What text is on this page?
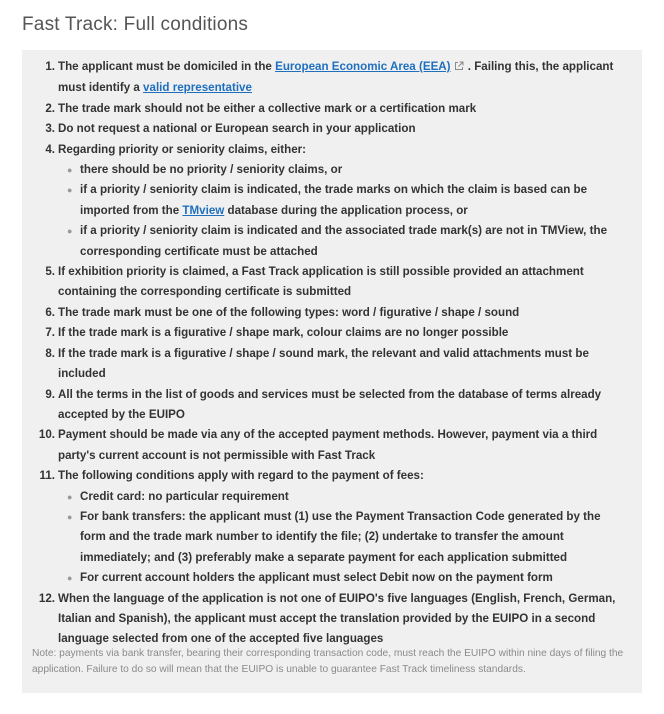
Fast Track: Full conditions
1. The applicant must be domiciled in the European Economic Area (EEA) . Failing this, the applicant must identify a valid representative
2. The trade mark should not be either a collective mark or a certification mark
3. Do not request a national or European search in your application
4. Regarding priority or seniority claims, either:
● there should be no priority / seniority claims, or
● if a priority / seniority claim is indicated, the trade marks on which the claim is based can be imported from the TMview database during the application process, or
● if a priority / seniority claim is indicated and the associated trade mark(s) are not in TMView, the corresponding certificate must be attached
5. If exhibition priority is claimed, a Fast Track application is still possible provided an attachment containing the corresponding certificate is submitted
6. The trade mark must be one of the following types: word / figurative / shape / sound
7. If the trade mark is a figurative / shape mark, colour claims are no longer possible
8. If the trade mark is a figurative / shape / sound mark, the relevant and valid attachments must be included
9. All the terms in the list of goods and services must be selected from the database of terms already accepted by the EUIPO
10. Payment should be made via any of the accepted payment methods. However, payment via a third party's current account is not permissible with Fast Track
11. The following conditions apply with regard to the payment of fees:
● Credit card: no particular requirement
● For bank transfers: the applicant must (1) use the Payment Transaction Code generated by the form and the trade mark number to identify the file; (2) undertake to transfer the amount immediately; and (3) preferably make a separate payment for each application submitted
● For current account holders the applicant must select Debit now on the payment form
12. When the language of the application is not one of EUIPO's five languages (English, French, German, Italian and Spanish), the applicant must accept the translation provided by the EUIPO in a second language selected from one of the accepted five languages

Note: payments via bank transfer, bearing their corresponding transaction code, must reach the EUIPO within nine days of filing the application. Failure to do so will mean that the EUIPO is unable to guarantee Fast Track timeliness standards.
